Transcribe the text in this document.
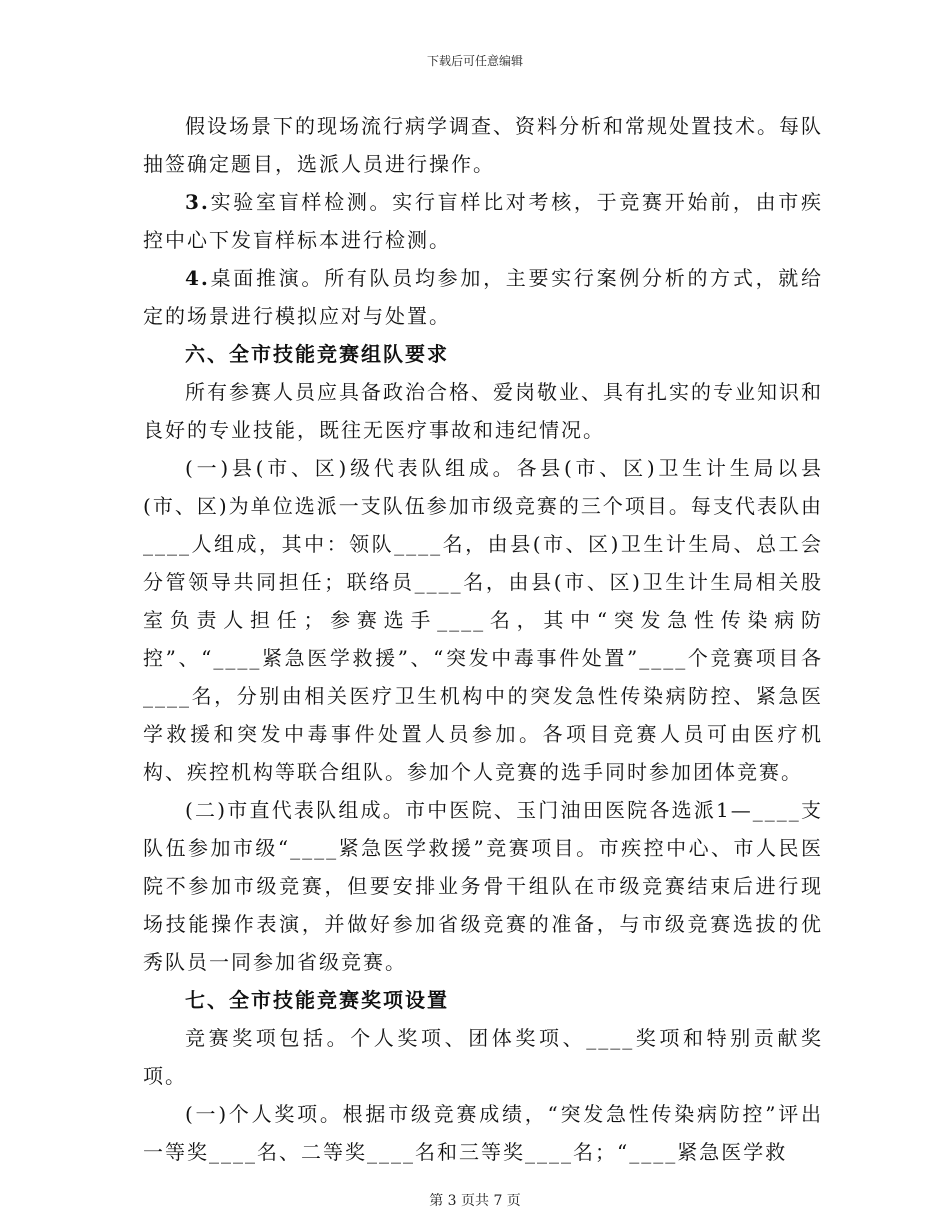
下载后可任意编辑

假设场景下的现场流行病学调查、资料分析和常规处置技术。每队抽签确定题目，选派人员进行操作。

3.实验室盲样检测。实行盲样比对考核，于竞赛开始前，由市疾控中心下发盲样标本进行检测。

4.桌面推演。所有队员均参加，主要实行案例分析的方式，就给定的场景进行模拟应对与处置。

六、全市技能竞赛组队要求

所有参赛人员应具备政治合格、爱岗敬业、具有扎实的专业知识和良好的专业技能，既往无医疗事故和违纪情况。

(一)县(市、区)级代表队组成。各县(市、区)卫生计生局以县(市、区)为单位选派一支队伍参加市级竞赛的三个项目。每支代表队由____人组成，其中：领队____名，由县(市、区)卫生计生局、总工会分管领导共同担任；联络员____名，由县(市、区)卫生计生局相关股室负责人担任；参赛选手____名，其中“突发急性传染病防控”、“____紧急医学救援”、“突发中毒事件处置”____个竞赛项目各____名，分别由相关医疗卫生机构中的突发急性传染病防控、紧急医学救援和突发中毒事件处置人员参加。各项目竞赛人员可由医疗机构、疾控机构等联合组队。参加个人竞赛的选手同时参加团体竞赛。

(二)市直代表队组成。市中医院、玉门油田医院各选派1—____支队伍参加市级“____紧急医学救援”竞赛项目。市疾控中心、市人民医院不参加市级竞赛，但要安排业务骨干组队在市级竞赛结束后进行现场技能操作表演，并做好参加省级竞赛的准备，与市级竞赛选拔的优秀队员一同参加省级竞赛。

七、全市技能竞赛奖项设置

竞赛奖项包括。个人奖项、团体奖项、____奖项和特别贡献奖项。

(一)个人奖项。根据市级竞赛成绩，“突发急性传染病防控”评出一等奖____名、二等奖____名和三等奖____名；“____紧急医学救

第 3 页共 7 页
